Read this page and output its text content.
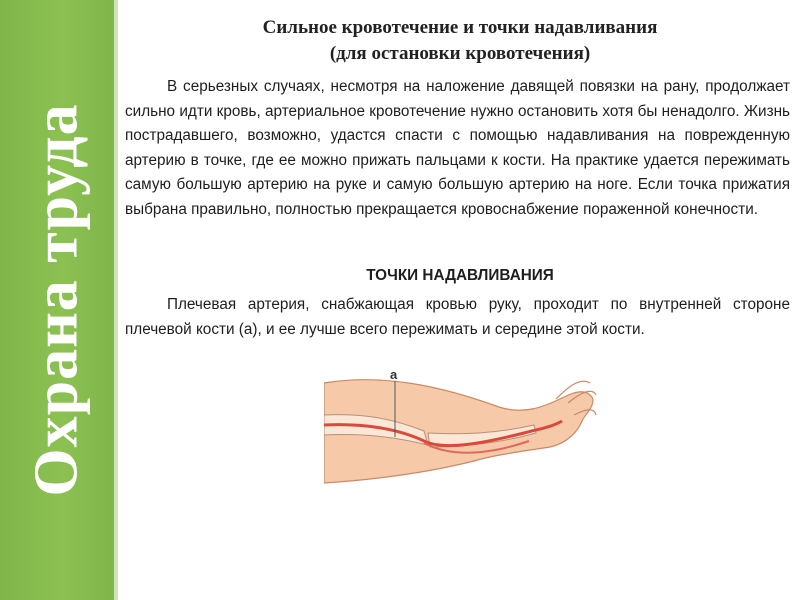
Охрана труда
Сильное кровотечение и точки надавливания
(для остановки кровотечения)

В серьезных случаях, несмотря на наложение давящей повязки на рану, продолжает сильно идти кровь, артериальное кровотечение нужно остановить хотя бы ненадолго. Жизнь пострадавшего, возможно, удастся спасти с помощью надавливания на поврежденную артерию в точке, где ее можно прижать пальцами к кости. На практике удается пережимать самую большую артерию на руке и самую большую артерию на ноге. Если точка прижатия выбрана правильно, полностью прекращается кровоснабжение пораженной конечности.

ТОЧКИ НАДАВЛИВАНИЯ

Плечевая артерия, снабжающая кровью руку, проходит по внутренней стороне плечевой кости (а), и ее лучше всего пережимать и середине этой кости.

а
